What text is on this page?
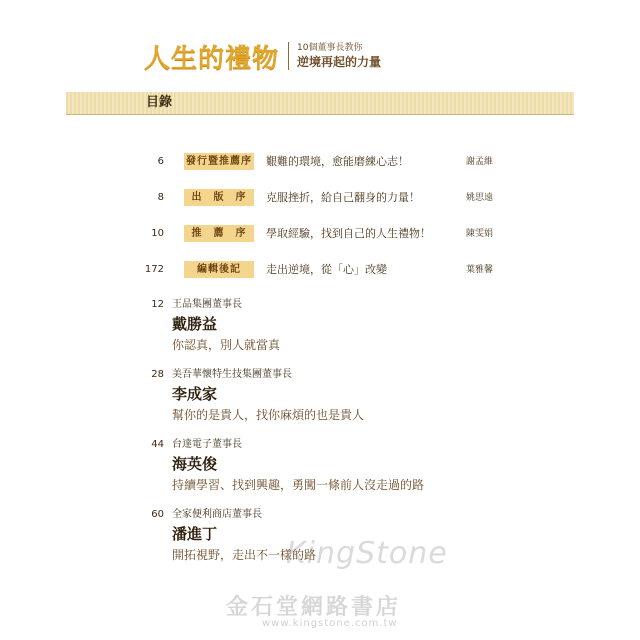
人生的禮物 10個董事長教你
逆境再起的力量
目錄
6 發行暨推薦序 艱難的環境，愈能磨練心志！	謝孟維
8	出　版　序	克服挫折，給自己翻身的力量！	姚思遠
10	推　薦　序	學取經驗，找到自己的人生禮物！	陳雯娟
172	編輯後記	走出逆境，從「心」改變	葉雅馨
12 王品集團董事長
戴勝益
你認真，別人就當真
28 美吾華懷特生技集團董事長
李成家
幫你的是貴人，找你麻煩的也是貴人
44 台達電子董事長
海英俊
持續學習、找到興趣，勇闖一條前人沒走過的路
60 全家便利商店董事長
潘進丁
開拓視野，走出不一樣的路
KingStone
金石堂網路書店
www.kingstone.com.tw
